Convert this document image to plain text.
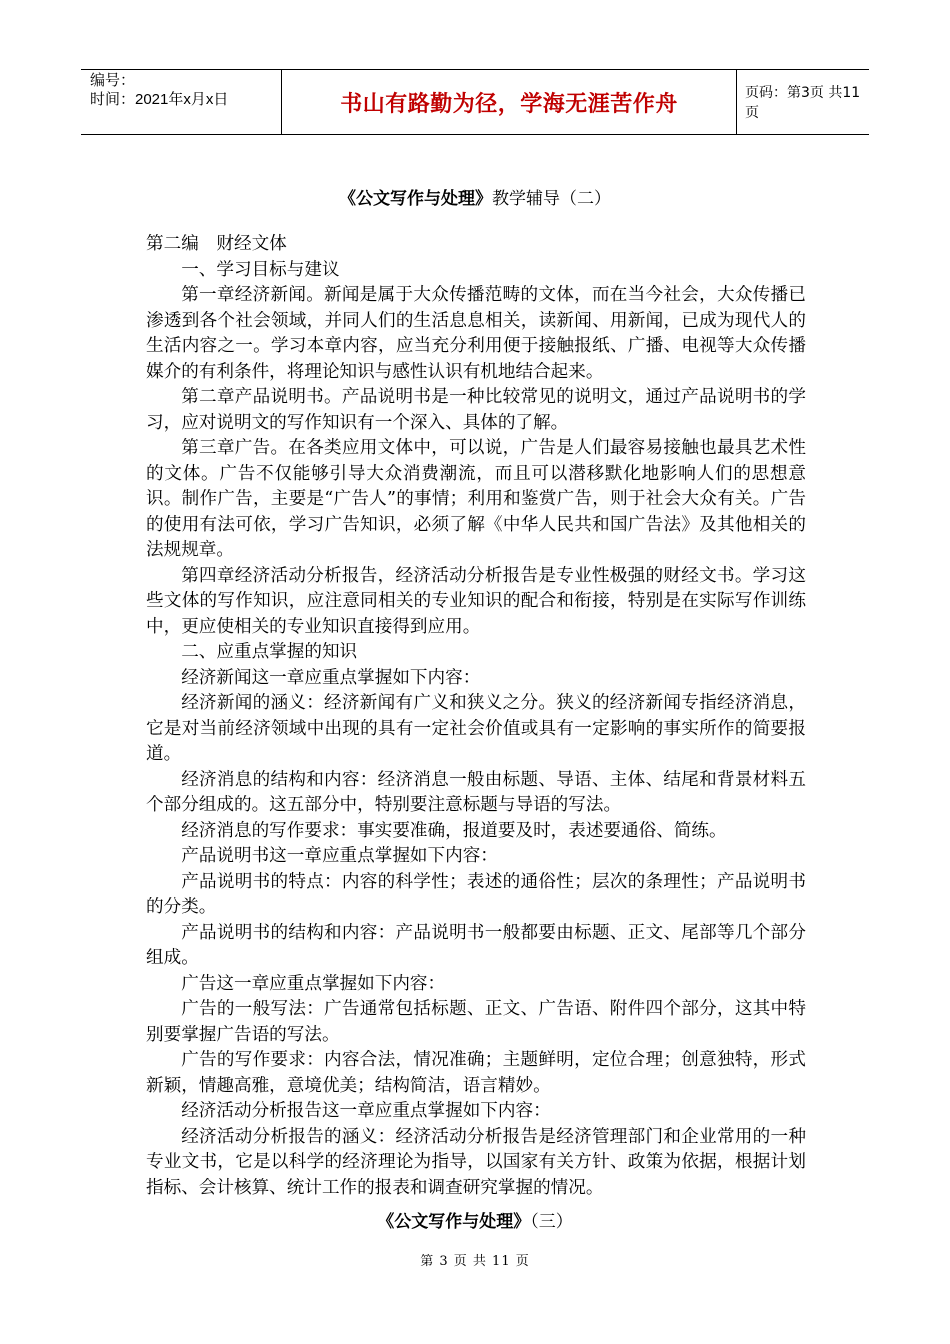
编号：
时间：2021年x月x日	书山有路勤为径，学海无涯苦作舟	页码：第3页 共11页
《公文写作与处理》教学辅导（二）

第二编　财经文体

一、学习目标与建议

第一章经济新闻。新闻是属于大众传播范畴的文体，而在当今社会，大众传播已渗透到各个社会领域，并同人们的生活息息相关，读新闻、用新闻，已成为现代人的生活内容之一。学习本章内容，应当充分利用便于接触报纸、广播、电视等大众传播媒介的有利条件，将理论知识与感性认识有机地结合起来。

第二章产品说明书。产品说明书是一种比较常见的说明文，通过产品说明书的学习，应对说明文的写作知识有一个深入、具体的了解。

第三章广告。在各类应用文体中，可以说，广告是人们最容易接触也最具艺术性的文体。广告不仅能够引导大众消费潮流，而且可以潜移默化地影响人们的思想意识。制作广告，主要是“广告人”的事情；利用和鉴赏广告，则于社会大众有关。广告的使用有法可依，学习广告知识，必须了解《中华人民共和国广告法》及其他相关的法规规章。

第四章经济活动分析报告，经济活动分析报告是专业性极强的财经文书。学习这些文体的写作知识，应注意同相关的专业知识的配合和衔接，特别是在实际写作训练中，更应使相关的专业知识直接得到应用。

二、应重点掌握的知识

经济新闻这一章应重点掌握如下内容：

经济新闻的涵义：经济新闻有广义和狭义之分。狭义的经济新闻专指经济消息，它是对当前经济领域中出现的具有一定社会价值或具有一定影响的事实所作的简要报道。

经济消息的结构和内容：经济消息一般由标题、导语、主体、结尾和背景材料五个部分组成的。这五部分中，特别要注意标题与导语的写法。

经济消息的写作要求：事实要准确，报道要及时，表述要通俗、简练。

产品说明书这一章应重点掌握如下内容：

产品说明书的特点：内容的科学性；表述的通俗性；层次的条理性；产品说明书的分类。

产品说明书的结构和内容：产品说明书一般都要由标题、正文、尾部等几个部分组成。

广告这一章应重点掌握如下内容：

广告的一般写法：广告通常包括标题、正文、广告语、附件四个部分，这其中特别要掌握广告语的写法。

广告的写作要求：内容合法，情况准确；主题鲜明，定位合理；创意独特，形式新颖，情趣高雅，意境优美；结构简洁，语言精妙。

经济活动分析报告这一章应重点掌握如下内容：

经济活动分析报告的涵义：经济活动分析报告是经济管理部门和企业常用的一种专业文书，它是以科学的经济理论为指导，以国家有关方针、政策为依据，根据计划指标、会计核算、统计工作的报表和调查研究掌握的情况。

《公文写作与处理》（三）
第 3 页 共 11 页
